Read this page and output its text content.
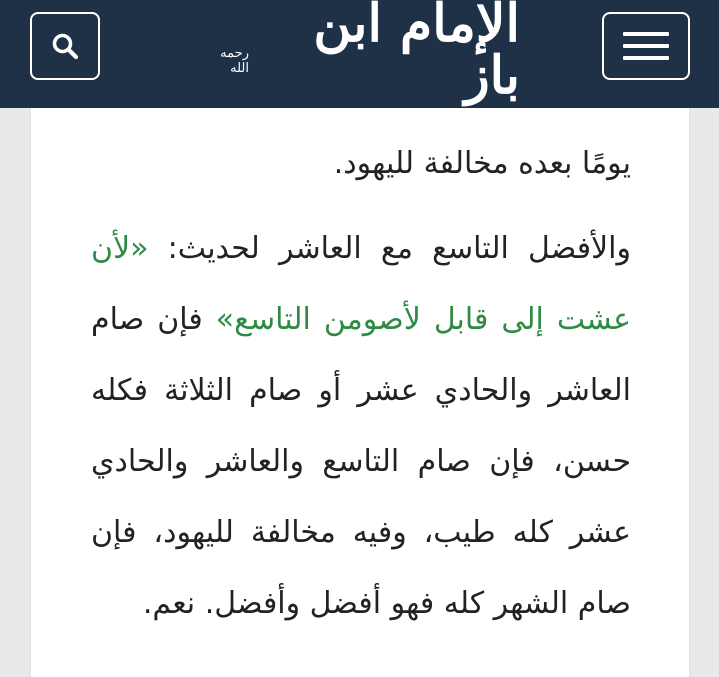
الإمام ابن باز
رحمه الله

يومًا بعده مخالفة لليهود.

والأفضل التاسع مع العاشر لحديث: «لأن عشت إلى قابل لأصومن التاسع» فإن صام العاشر والحادي عشر أو صام الثلاثة فكله حسن، فإن صام التاسع والعاشر والحادي عشر كله طيب، وفيه مخالفة لليهود، فإن صام الشهر كله فهو أفضل وأفضل. نعم.
